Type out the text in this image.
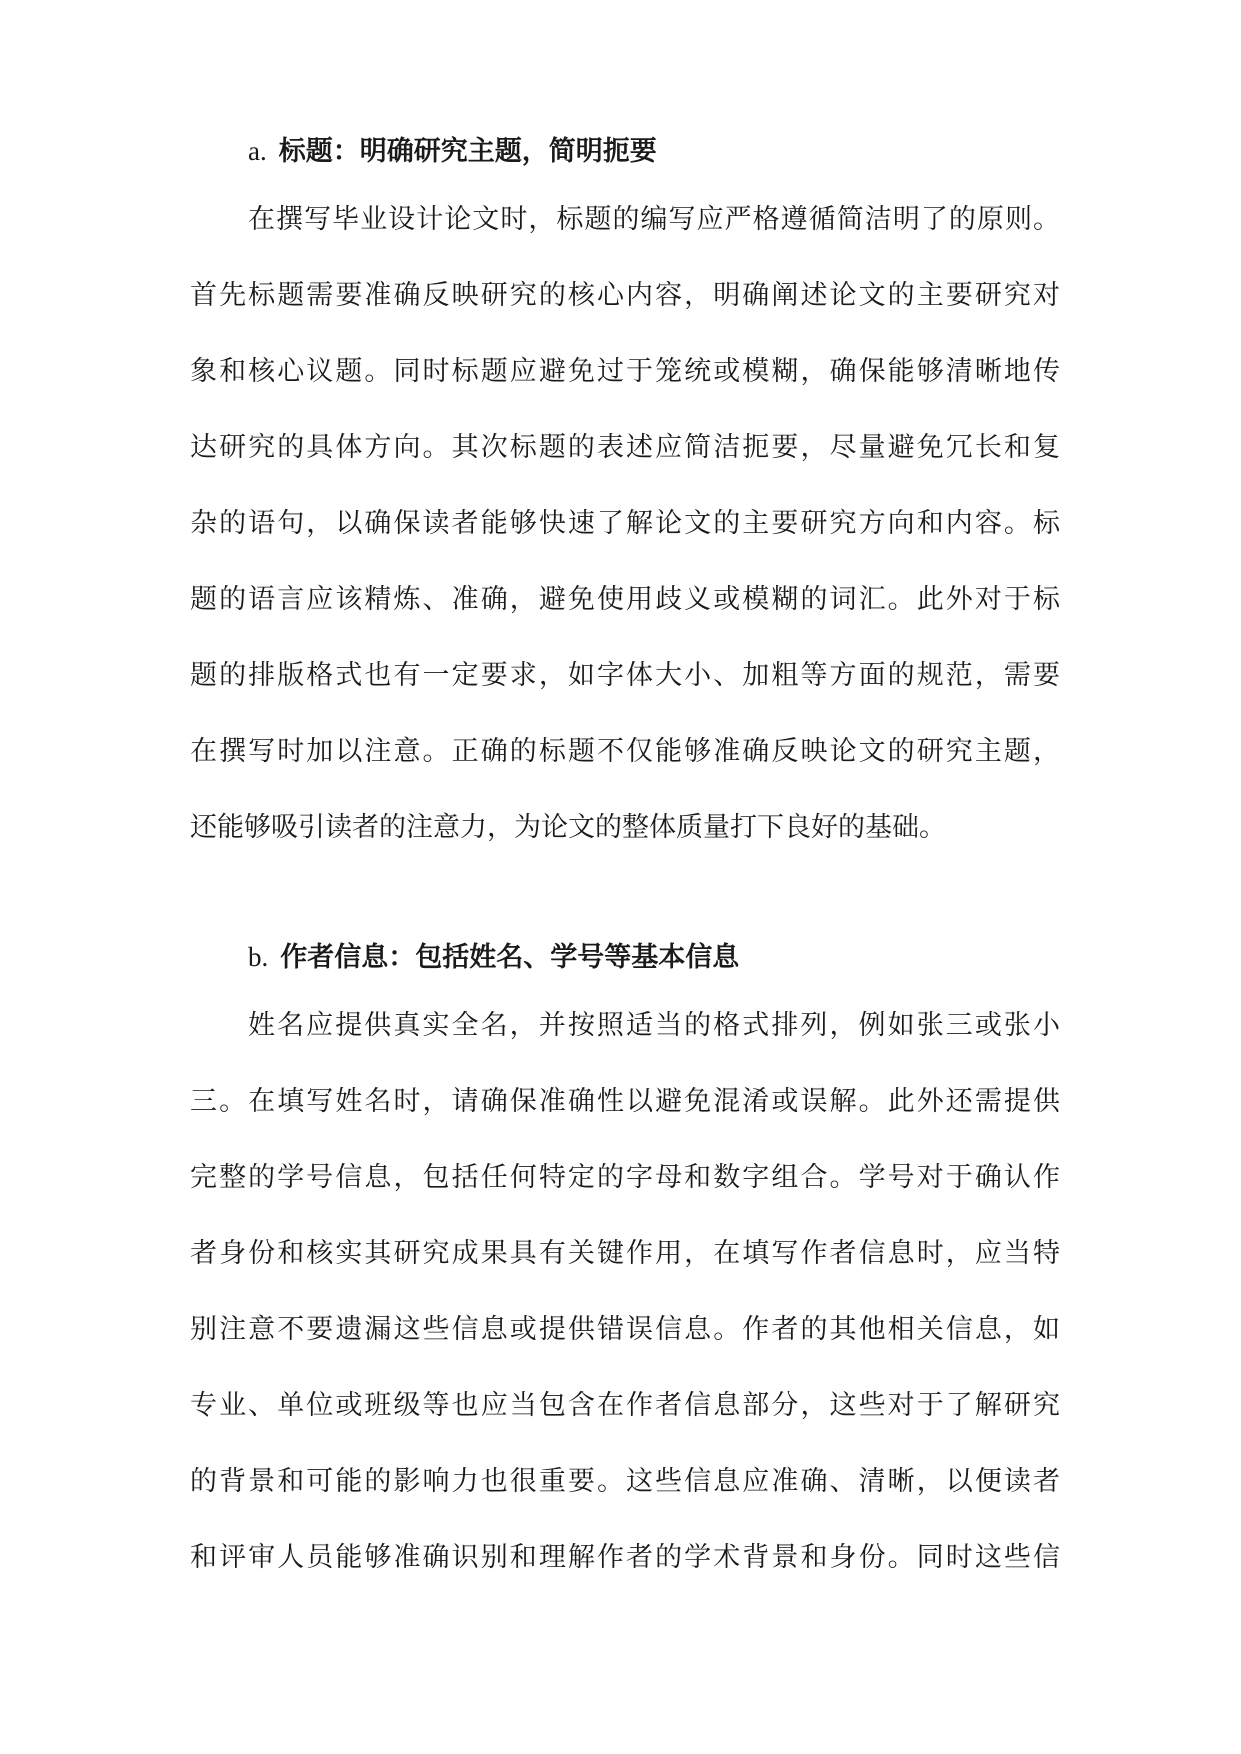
a. 标题：明确研究主题，简明扼要
在撰写毕业设计论文时，标题的编写应严格遵循简洁明了的原则。
首先标题需要准确反映研究的核心内容，明确阐述论文的主要研究对
象和核心议题。同时标题应避免过于笼统或模糊，确保能够清晰地传
达研究的具体方向。其次标题的表述应简洁扼要，尽量避免冗长和复
杂的语句，以确保读者能够快速了解论文的主要研究方向和内容。标
题的语言应该精炼、准确，避免使用歧义或模糊的词汇。此外对于标
题的排版格式也有一定要求，如字体大小、加粗等方面的规范，需要
在撰写时加以注意。正确的标题不仅能够准确反映论文的研究主题，
还能够吸引读者的注意力，为论文的整体质量打下良好的基础。
b. 作者信息：包括姓名、学号等基本信息
姓名应提供真实全名，并按照适当的格式排列，例如张三或张小
三。在填写姓名时，请确保准确性以避免混淆或误解。此外还需提供
完整的学号信息，包括任何特定的字母和数字组合。学号对于确认作
者身份和核实其研究成果具有关键作用，在填写作者信息时，应当特
别注意不要遗漏这些信息或提供错误信息。作者的其他相关信息，如
专业、单位或班级等也应当包含在作者信息部分，这些对于了解研究
的背景和可能的影响力也很重要。这些信息应准确、清晰，以便读者
和评审人员能够准确识别和理解作者的学术背景和身份。同时这些信
